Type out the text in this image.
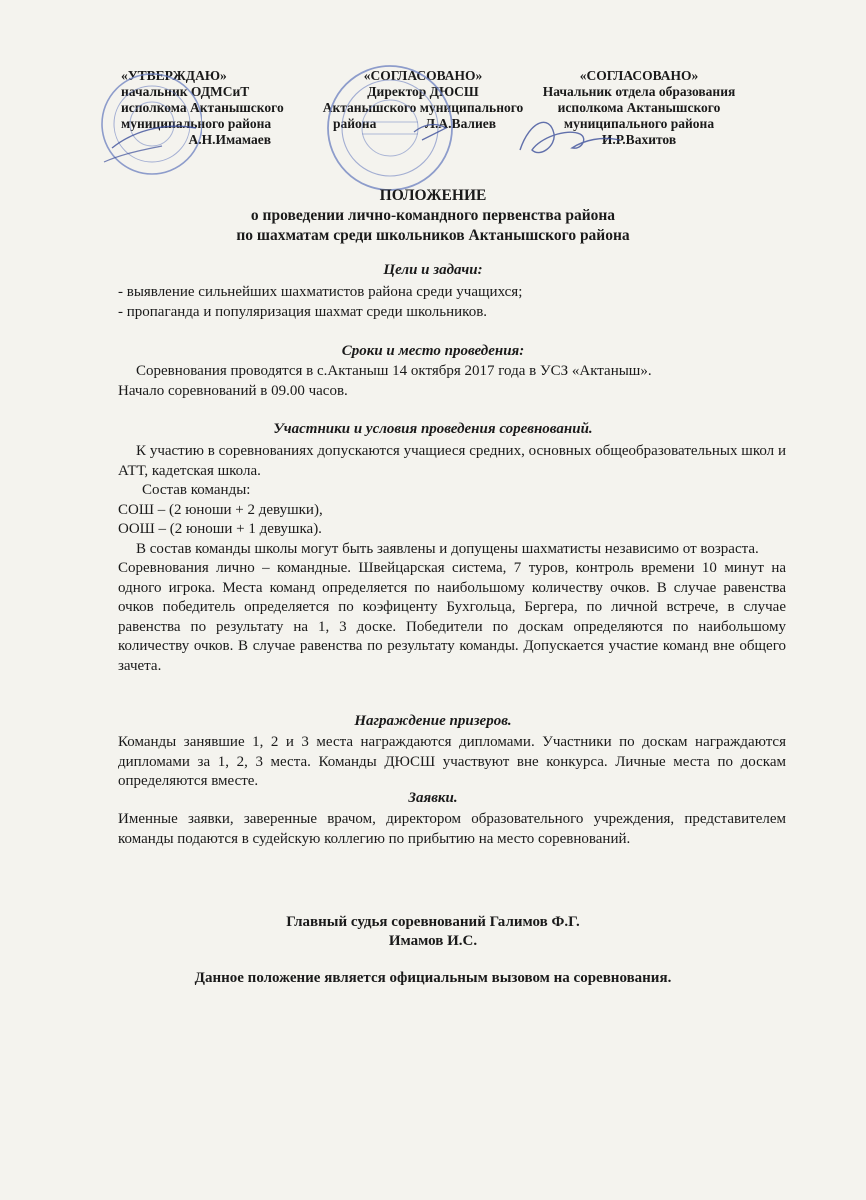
«УТВЕРЖДАЮ»
начальник ОДМСиТ
исполкома Актанышского
муниципального района
А.Н.Имамаев
«СОГЛАСОВАНО»
Директор ДЮСШ
Актанышского муниципального
района	Л.А.Валиев
«СОГЛАСОВАНО»
Начальник отдела образования
исполкома Актанышского
муниципального района
И.Р.Вахитов
ПОЛОЖЕНИЕ
о проведении лично-командного первенства района
по шахматам среди школьников Актанышского района
Цели и задачи:

- выявление сильнейших шахматистов района среди учащихся;

- пропаганда и популяризация шахмат среди школьников.

Сроки и место проведения:

Соревнования проводятся в с.Актаныш 14 октября 2017 года в УСЗ «Актаныш».

Начало соревнований в 09.00 часов.

Участники и условия проведения соревнований.

К участию в соревнованиях допускаются учащиеся средних, основных общеобразовательных школ и АТТ, кадетская школа.

Состав команды:

СОШ – (2 юноши + 2 девушки),

ООШ – (2 юноши + 1 девушка).

В состав команды школы могут быть заявлены и допущены шахматисты независимо от возраста.

Соревнования лично – командные. Швейцарская система, 7 туров, контроль времени 10 минут на одного игрока. Места команд определяется по наибольшому количеству очков. В случае равенства очков победитель определяется по коэфиценту Бухгольца, Бергера, по личной встрече, в случае равенства по результату на 1, 3 доске. Победители по доскам определяются по наибольшому количеству очков. В случае равенства по результату команды. Допускается участие команд вне общего зачета.

Награждение призеров.

Команды занявшие 1, 2 и 3 места награждаются дипломами. Участники по доскам награждаются дипломами за 1, 2, 3 места. Команды ДЮСШ участвуют вне конкурса. Личные места по доскам определяются вместе.

Заявки.

Именные заявки, заверенные врачом, директором образовательного учреждения, представителем команды подаются в судейскую коллегию по прибытию на место соревнований.

Главный судья соревнований Галимов Ф.Г.
Имамов И.С.
Данное положение является официальным вызовом на соревнования.
